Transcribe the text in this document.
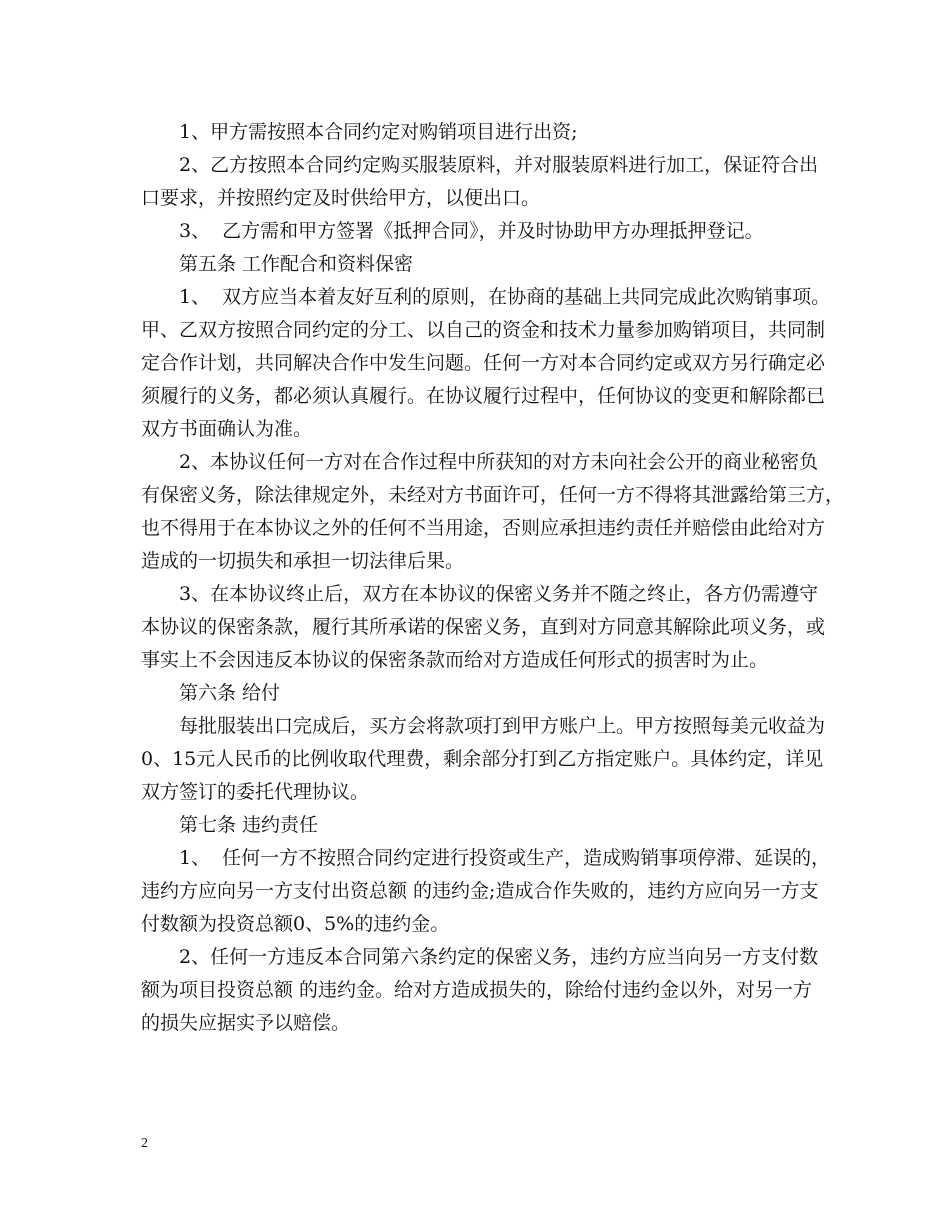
1、甲方需按照本合同约定对购销项目进行出资;

2、乙方按照本合同约定购买服装原料，并对服装原料进行加工，保证符合出
口要求，并按照约定及时供给甲方，以便出口。

3、  乙方需和甲方签署《抵押合同》，并及时协助甲方办理抵押登记。

第五条 工作配合和资料保密

1、  双方应当本着友好互利的原则，在协商的基础上共同完成此次购销事项。
甲、乙双方按照合同约定的分工、以自己的资金和技术力量参加购销项目，共同制
定合作计划，共同解决合作中发生问题。任何一方对本合同约定或双方另行确定必
须履行的义务，都必须认真履行。在协议履行过程中，任何协议的变更和解除都已
双方书面确认为准。

2、本协议任何一方对在合作过程中所获知的对方未向社会公开的商业秘密负
有保密义务，除法律规定外，未经对方书面许可，任何一方不得将其泄露给第三方，
也不得用于在本协议之外的任何不当用途，否则应承担违约责任并赔偿由此给对方
造成的一切损失和承担一切法律后果。

3、在本协议终止后，双方在本协议的保密义务并不随之终止，各方仍需遵守
本协议的保密条款，履行其所承诺的保密义务，直到对方同意其解除此项义务，或
事实上不会因违反本协议的保密条款而给对方造成任何形式的损害时为止。

第六条 给付

每批服装出口完成后，买方会将款项打到甲方账户上。甲方按照每美元收益为
0、15元人民币的比例收取代理费，剩余部分打到乙方指定账户。具体约定，详见
双方签订的委托代理协议。

第七条 违约责任

1、  任何一方不按照合同约定进行投资或生产，造成购销事项停滞、延误的，
违约方应向另一方支付出资总额 的违约金;造成合作失败的，违约方应向另一方支
付数额为投资总额0、5%的违约金。

2、任何一方违反本合同第六条约定的保密义务，违约方应当向另一方支付数
额为项目投资总额 的违约金。给对方造成损失的，除给付违约金以外，对另一方
的损失应据实予以赔偿。

2
